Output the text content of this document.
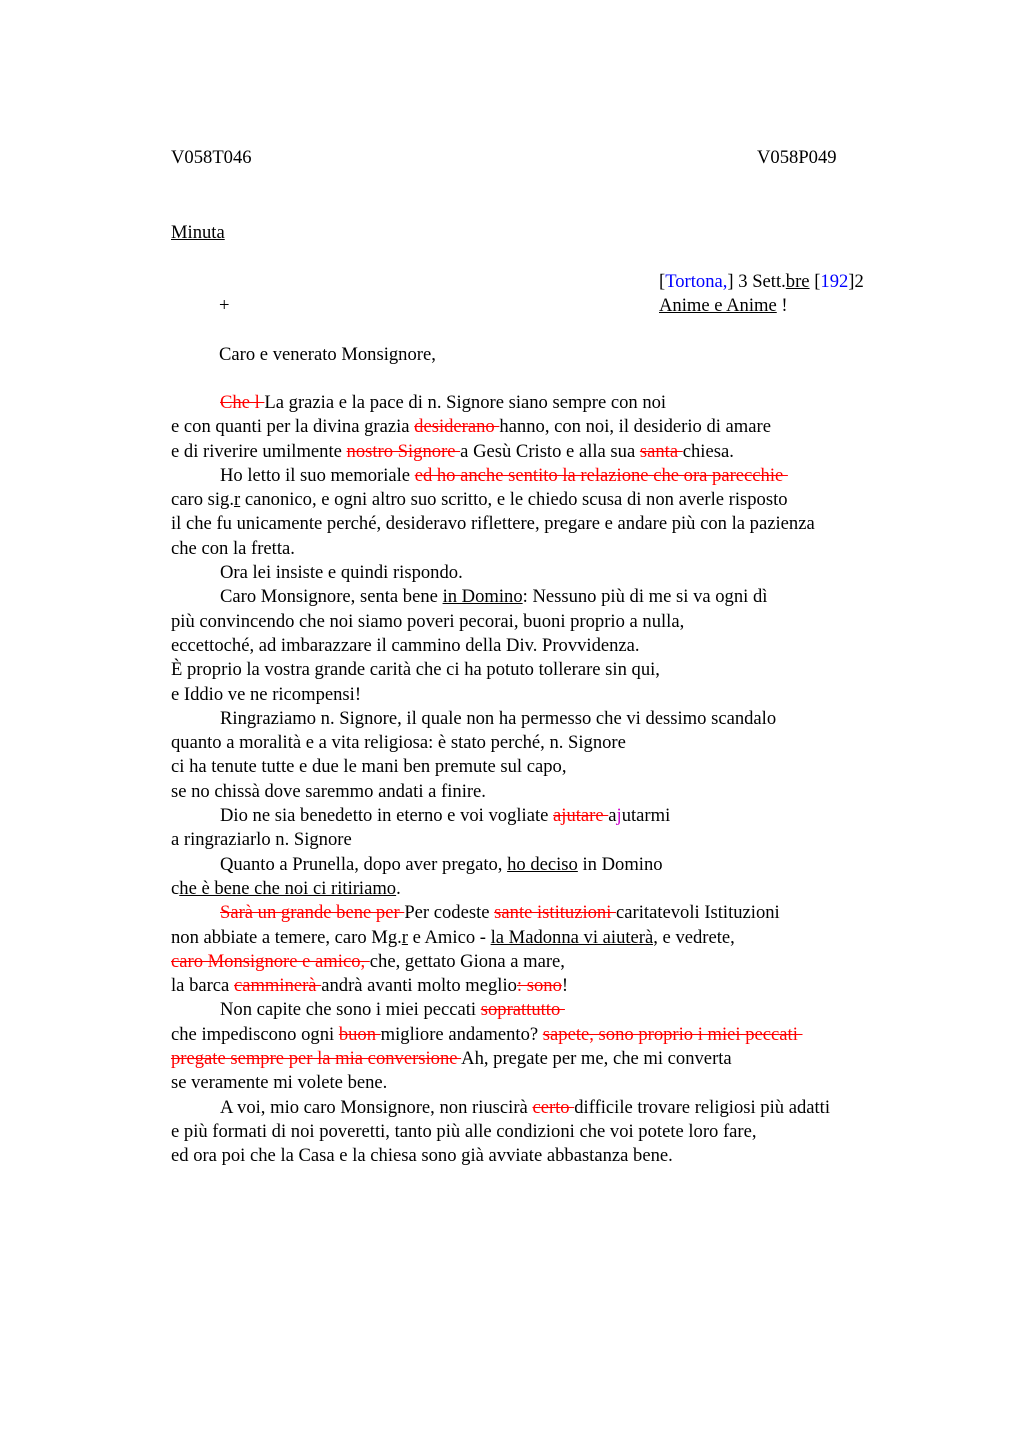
V058T046	V058P049
Minuta
[Tortona,] 3 Sett.bre [192]2
+	Anime e Anime !
Caro e venerato Monsignore,
Che l La grazia e la pace di n. Signore siano sempre con noi
e con quanti per la divina grazia desiderano hanno, con noi, il desiderio di amare
e di riverire umilmente nostro Signore a Gesù Cristo e alla sua santa chiesa.
Ho letto il suo memoriale ed ho anche sentito la relazione che ora parecchie
caro sig.r canonico, e ogni altro suo scritto, e le chiedo scusa di non averle risposto
il che fu unicamente perché, desideravo riflettere, pregare e andare più con la pazienza
che con la fretta.
Ora lei insiste e quindi rispondo.
Caro Monsignore, senta bene in Domino: Nessuno più di me si va ogni dì
più convincendo che noi siamo poveri pecorai, buoni proprio a nulla,
eccettoché, ad imbarazzare il cammino della Div. Provvidenza.
È proprio la vostra grande carità che ci ha potuto tollerare sin qui,
e Iddio ve ne ricompensi!
Ringraziamo n. Signore, il quale non ha permesso che vi dessimo scandalo
quanto a moralità e a vita religiosa: è stato perché, n. Signore
ci ha tenute tutte e due le mani ben premute sul capo,
se no chissà dove saremmo andati a finire.
Dio ne sia benedetto in eterno e voi vogliate ajutare ajutarmi
a ringraziarlo n. Signore
Quanto a Prunella, dopo aver pregato, ho deciso in Domino
che è bene che noi ci ritiriamo.
Sarà un grande bene per Per codeste sante istituzioni caritatevoli Istituzioni
non abbiate a temere, caro Mg.r e Amico - la Madonna vi aiuterà, e vedrete,
caro Monsignore e amico, che, gettato Giona a mare,
la barca camminerà andrà avanti molto meglio: sono!
Non capite che sono i miei peccati soprattutto
che impediscono ogni buon migliore andamento? sapete, sono proprio i miei peccati
pregate sempre per la mia conversione Ah, pregate per me, che mi converta
se veramente mi volete bene.
A voi, mio caro Monsignore, non riuscirà certo difficile trovare religiosi più adatti
e più formati di noi poveretti, tanto più alle condizioni che voi potete loro fare,
ed ora poi che la Casa e la chiesa sono già avviate abbastanza bene.
